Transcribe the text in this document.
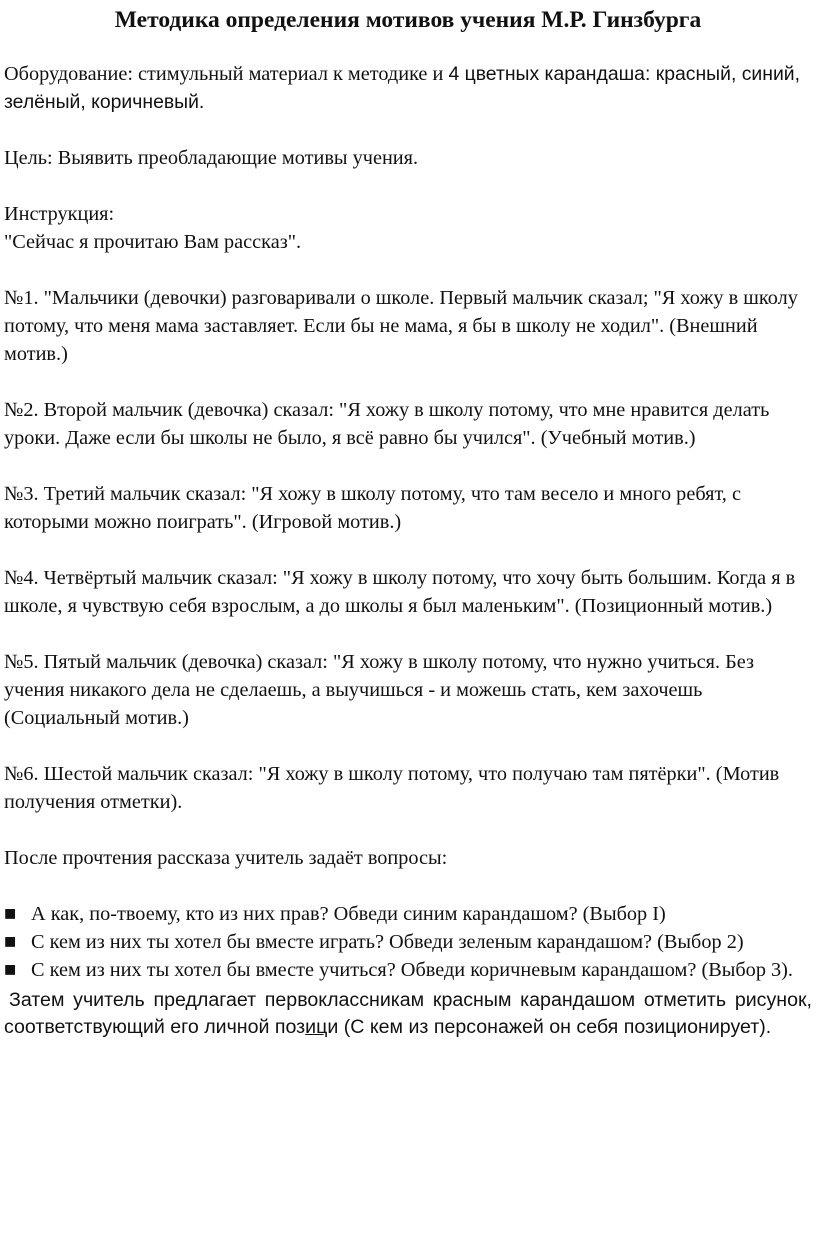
Методика определения мотивов учения М.Р. Гинзбурга

Оборудование: стимульный материал к методике и 4 цветных карандаша: красный, синий, зелёный, коричневый.

Цель: Выявить преобладающие мотивы учения.

Инструкция:

"Сейчас я прочитаю Вам рассказ".

№1. "Мальчики (девочки) разговаривали о школе. Первый мальчик сказал; "Я хожу в школу потому, что меня мама заставляет. Если бы не мама, я бы в школу не ходил". (Внешний мотив.)

№2. Второй мальчик (девочка) сказал: "Я хожу в школу потому, что мне нравится делать уроки. Даже если бы школы не было, я всё равно бы учился". (Учебный мотив.)

№3. Третий мальчик сказал: "Я хожу в школу потому, что там весело и много ребят, с которыми можно поиграть". (Игровой мотив.)

№4. Четвёртый мальчик сказал: "Я хожу в школу потому, что хочу быть большим. Когда я в школе, я чувствую себя взрослым, а до школы я был маленьким". (Позиционный мотив.)

№5. Пятый мальчик (девочка) сказал: "Я хожу в школу потому, что нужно учиться. Без учения никакого дела не сделаешь, а выучишься - и можешь стать, кем захочешь (Социальный мотив.)

№6. Шестой мальчик сказал: "Я хожу в школу потому, что получаю там пятёрки". (Мотив получения отметки).

После прочтения рассказа учитель задаёт вопросы:

■ А как, по-твоему, кто из них прав? Обведи синим карандашом? (Выбор I)

■ С кем из них ты хотел бы вместе играть? Обведи зеленым карандашом? (Выбор 2)

■ С кем из них ты хотел бы вместе учиться? Обведи коричневым карандашом? (Выбор 3).

Затем учитель предлагает первоклассникам красным карандашом отметить рисунок, соответствующий его личной позици (С кем из персонажей он себя позиционирует).
